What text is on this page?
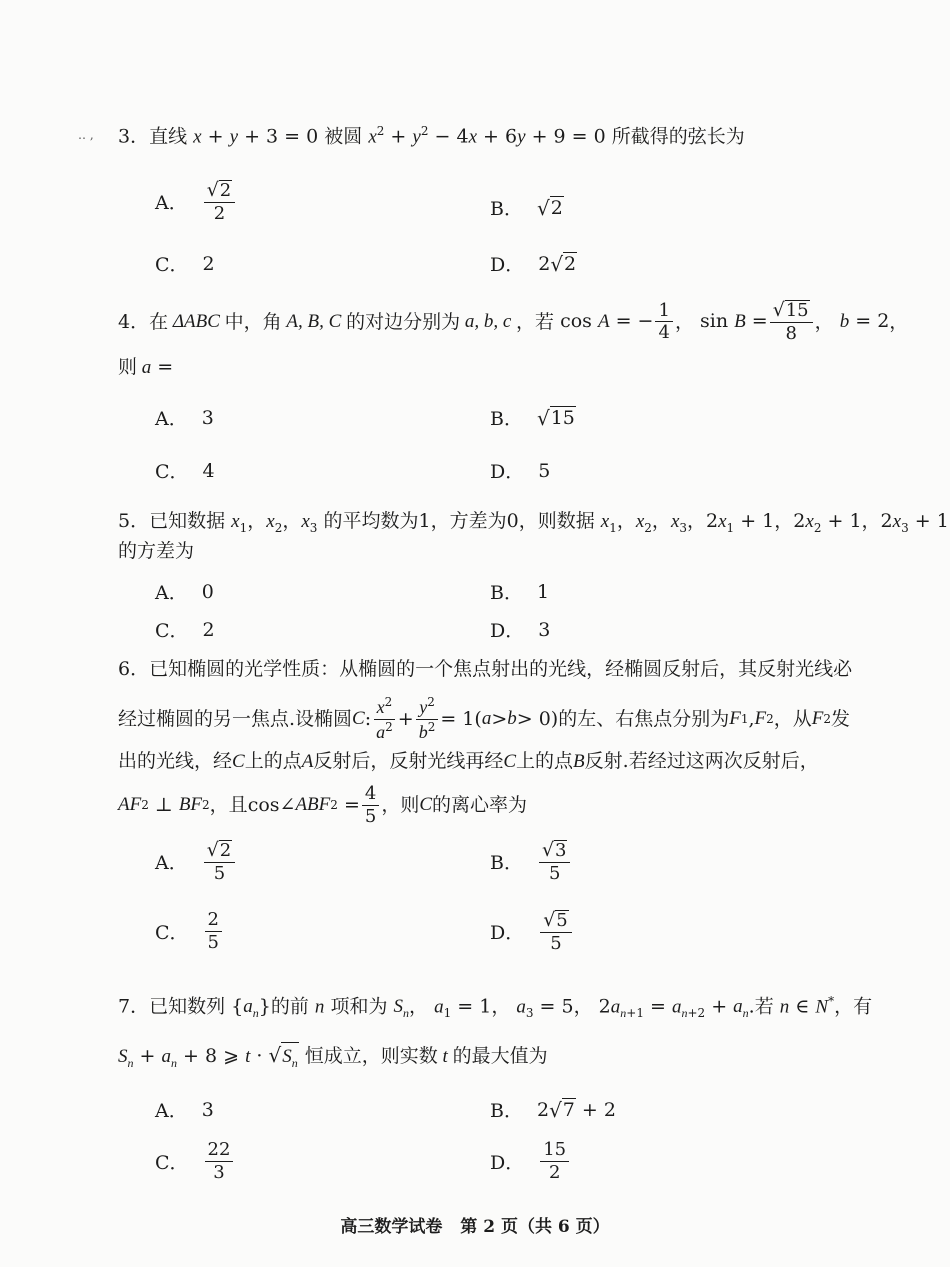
‥ , 3．直线 x + y + 3 = 0 被圆 $x^2 + y^2 - 4x + 6y + 9 = 0$ 所截得的弦长为
A． $\frac{√ 2}{2}$	B． √ 2
C． 2	D． 2 √ 2
4． 在 ΔABC 中，角 A, B, C 的对边分别为 a, b, c ，若 cos A = − $\frac{1}{4}$ ， $\sin B = \frac{√ 15}{8}$ ， b = 2 ，
则 a =
A． 3	B． √ 15
C． 4	D． 5
5．已知数据 $x_1$，$x_2$，$x_3$ 的平均数为1，方差为0，则数据 $x_1$，$x_2$，$x_3$，$2x_1 + 1$，$2x_2 + 1$，$2x_3 + 1$
的方差为
A． 0	B． 1
C． 2	D． 3
6．已知椭圆的光学性质：从椭圆的一个焦点射出的光线，经椭圆反射后，其反射光线必
经过椭圆的另一焦点.设椭圆 C : $\frac{x^2}{a^2} + \frac{y^2}{b^2} = 1$( a > b > 0) 的左、右焦点分别为 F 1 , F 2 ，从 F 2 发
出的光线，经C上的点A反射后，反射光线再经C上的点B反射.若经过这两次反射后，
AF 2 ⊥ BF 2 ，且 cos∠ ABF $2 = \frac{4}{5}$ ，则 C 的离心率为
A． $\frac{√ 2}{5}$	B． $\frac{√ 3}{5}$
C． $\frac{2}{5}$	D． $\frac{√ 5}{5}$
7．已知数列 $\{a_n\}$的前 n 项和为 $S_n$， $a_1 = 1$， $a_3 = 5$， $2a_{n+1} = a_{n+2} + a_n$.若 n ∈ N*，有
$S_n + a_n + 8$ ⩾ t · √ $S_n$ 恒成立，则实数 t 的最大值为
A． 3	B． 2 √ 7
+ 2
C． $\frac{22}{3}$	D． $\frac{15}{2}$
高三数学试卷 第 2 页（共 6 页）
